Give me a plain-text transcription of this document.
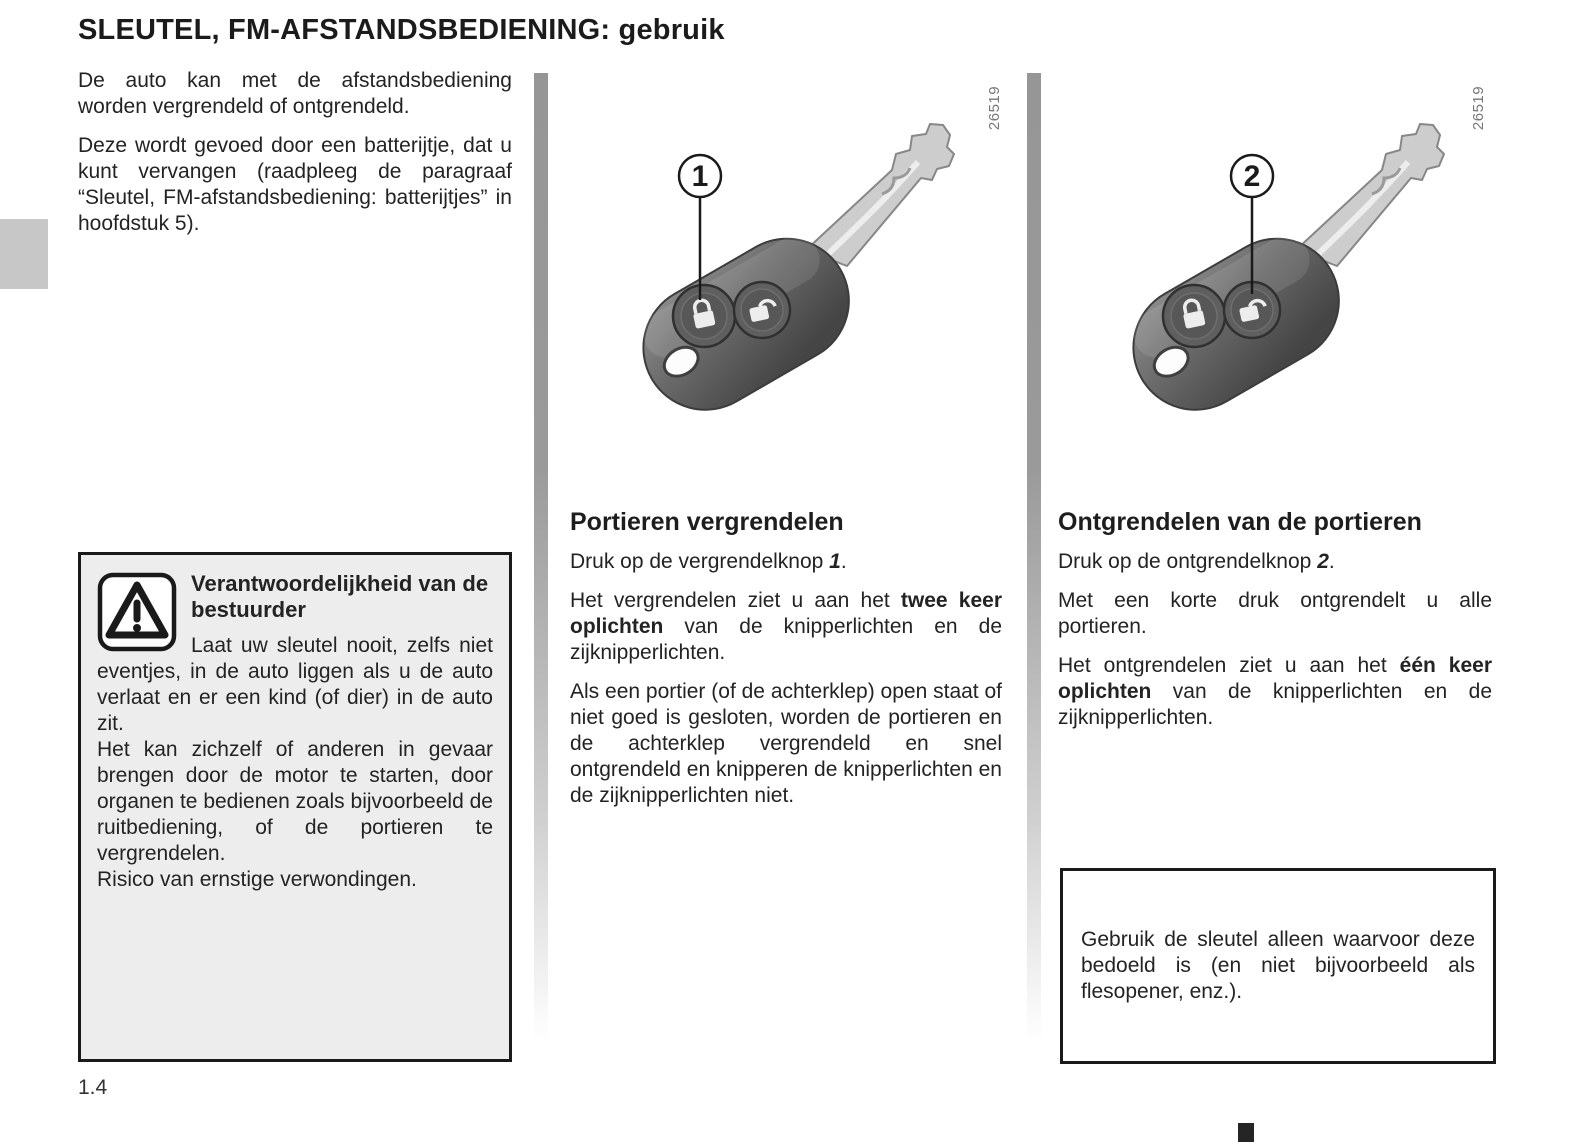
SLEUTEL, FM-AFSTANDSBEDIENING: gebruik

De auto kan met de afstandsbediening worden vergrendeld of ontgrendeld.

Deze wordt gevoed door een batterijtje, dat u kunt vervangen (raadpleeg de paragraaf “Sleutel, FM-afstandsbediening: batterijtjes” in hoofdstuk 5).

1
26519
2
26519
Verantwoordelijkheid van de bestuurder

Laat uw sleutel nooit, zelfs niet eventjes, in de auto liggen als u de auto verlaat en er een kind (of dier) in de auto zit.

Het kan zichzelf of anderen in gevaar brengen door de motor te starten, door organen te bedienen zoals bijvoorbeeld de ruitbediening, of de portieren te vergrendelen.

Risico van ernstige verwondingen.

Portieren vergrendelen

Druk op de vergrendelknop 1.

Het vergrendelen ziet u aan het twee keer oplichten van de knipperlichten en de zijknipperlichten.

Als een portier (of de achterklep) open staat of niet goed is gesloten, worden de portieren en de achterklep vergrendeld en snel ontgrendeld en knipperen de knipperlichten en de zijknipperlichten niet.

Ontgrendelen van de portieren

Druk op de ontgrendelknop 2.

Met een korte druk ontgrendelt u alle portieren.

Het ontgrendelen ziet u aan het één keer oplichten van de knipperlichten en de zijknipperlichten.

Gebruik de sleutel alleen waarvoor deze bedoeld is (en niet bijvoorbeeld als flesopener, enz.).

1.4
